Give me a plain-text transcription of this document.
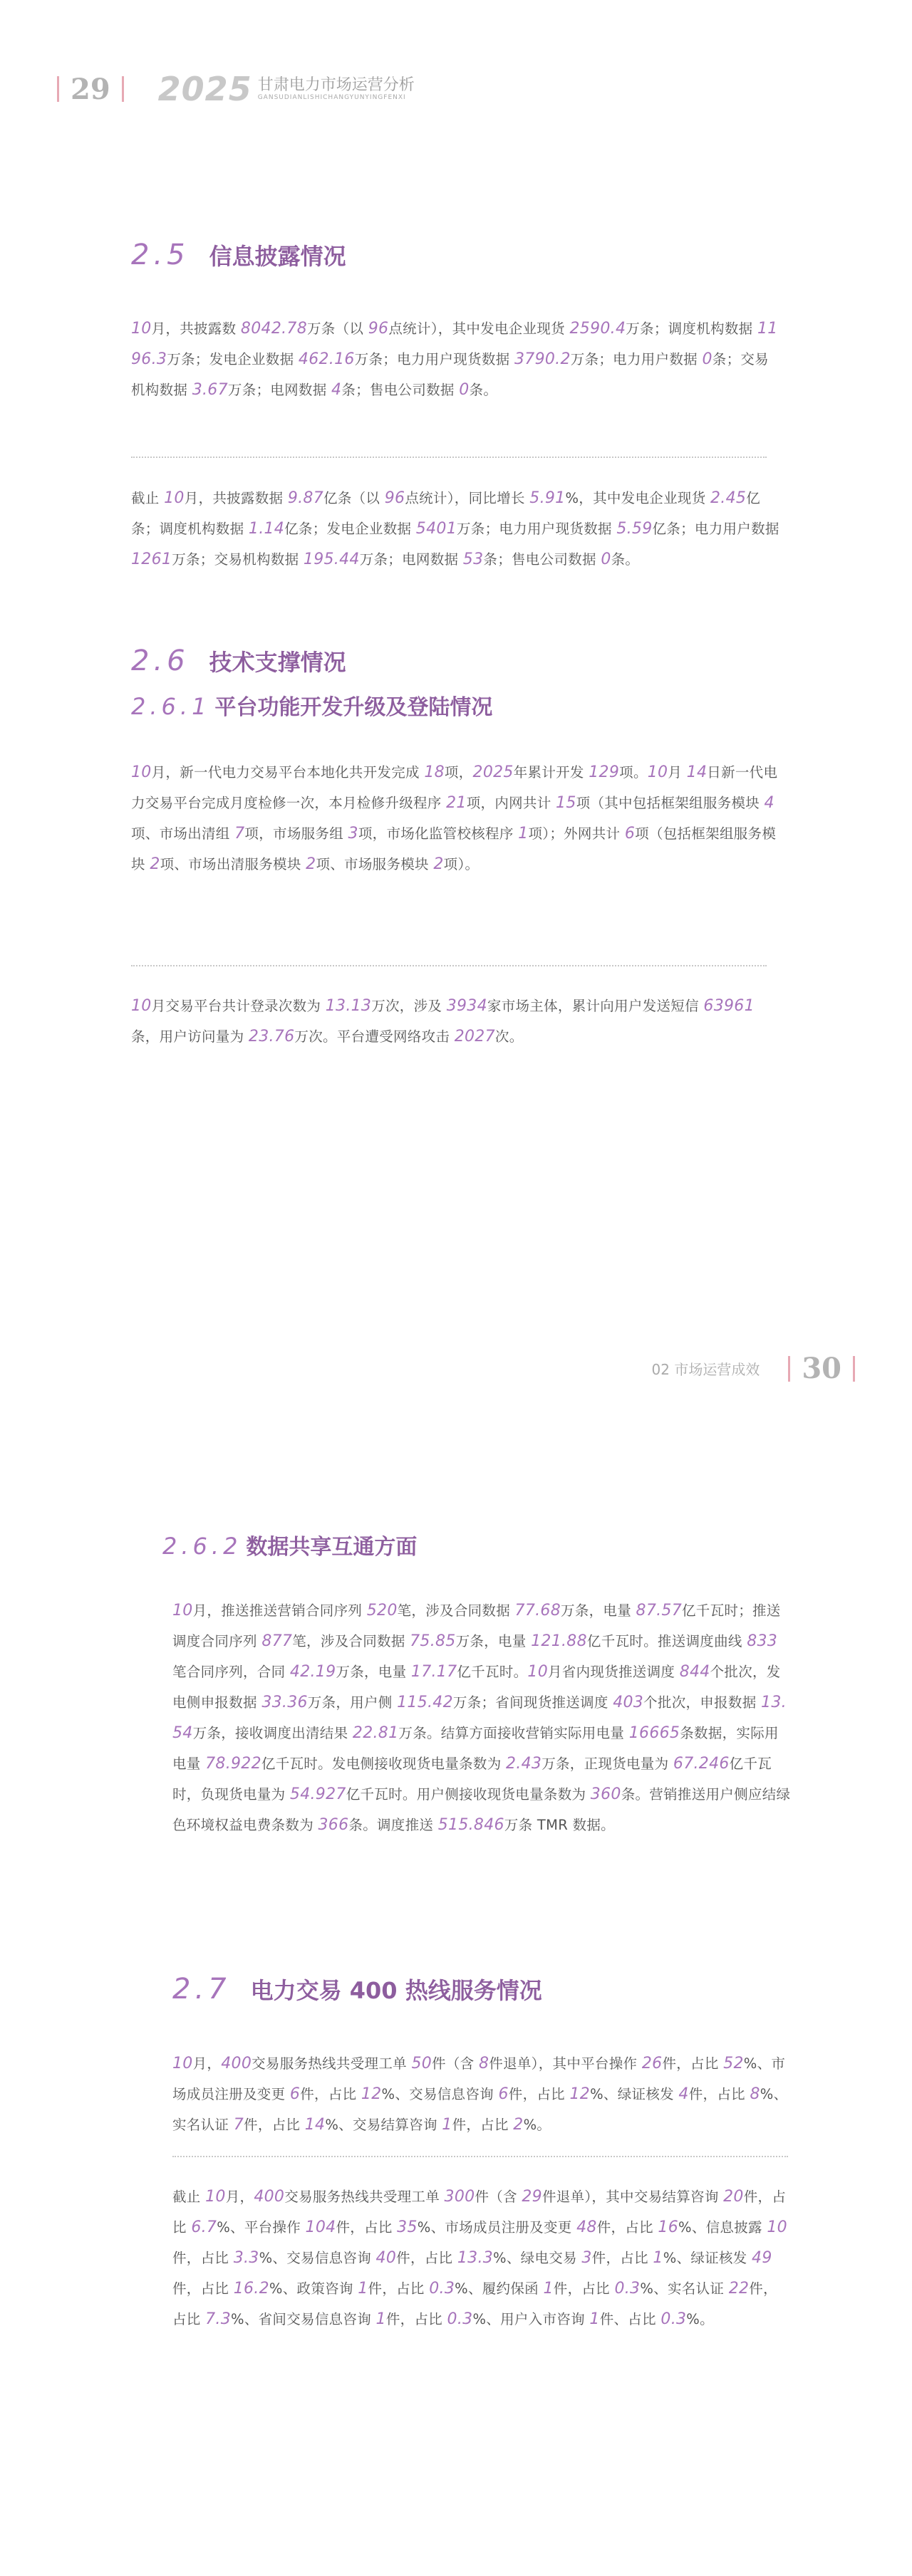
29 2025 甘肃电力市场运营分析
GANSUDIANLISHICHANGYUNYINGFENXI
2.5 信息披露情况
10月，共披露数 8042.78万条（以 96点统计），其中发电企业现货 2590.4万条；调度机构数据 1196.3万条；发电企业数据 462.16万条；电力用户现货数据 3790.2万条；电力用户数据 0条；交易机构数据 3.67万条；电网数据 4条；售电公司数据 0条。
截止 10月，共披露数据 9.87亿条（以 96点统计），同比增长 5.91%，其中发电企业现货 2.45亿条；调度机构数据 1.14亿条；发电企业数据 5401万条；电力用户现货数据 5.59亿条；电力用户数据 1261万条；交易机构数据 195.44万条；电网数据 53条；售电公司数据 0条。
2.6 技术支撑情况
2.6.1 平台功能开发升级及登陆情况
10月，新一代电力交易平台本地化共开发完成 18项，2025年累计开发 129项。10月 14日新一代电力交易平台完成月度检修一次，本月检修升级程序 21项，内网共计 15项（其中包括框架组服务模块 4项、市场出清组 7项，市场服务组 3项，市场化监管校核程序 1项）；外网共计 6项（包括框架组服务模块 2项、市场出清服务模块 2项、市场服务模块 2项）。
10月交易平台共计登录次数为 13.13万次，涉及 3934家市场主体，累计向用户发送短信 63961条，用户访问量为 23.76万次。平台遭受网络攻击 2027次。
02 市场运营成效 30
2.6.2 数据共享互通方面
10月，推送推送营销合同序列 520笔，涉及合同数据 77.68万条，电量 87.57亿千瓦时；推送调度合同序列 877笔，涉及合同数据 75.85万条，电量 121.88亿千瓦时。推送调度曲线 833笔合同序列，合同 42.19万条，电量 17.17亿千瓦时。10月省内现货推送调度 844个批次，发电侧申报数据 33.36万条，用户侧 115.42万条；省间现货推送调度 403个批次，申报数据 13.54万条，接收调度出清结果 22.81万条。结算方面接收营销实际用电量 16665条数据，实际用电量 78.922亿千瓦时。发电侧接收现货电量条数为 2.43万条，正现货电量为 67.246亿千瓦时，负现货电量为 54.927亿千瓦时。用户侧接收现货电量条数为 360条。营销推送用户侧应结绿色环境权益电费条数为 366条。调度推送 515.846万条 TMR 数据。
2.7 电力交易 400 热线服务情况
10月，400交易服务热线共受理工单 50件（含 8件退单），其中平台操作 26件，占比 52%、市场成员注册及变更 6件，占比 12%、交易信息咨询 6件，占比 12%、绿证核发 4件，占比 8%、实名认证 7件，占比 14%、交易结算咨询 1件，占比 2%。
截止 10月，400交易服务热线共受理工单 300件（含 29件退单），其中交易结算咨询 20件，占比 6.7%、平台操作 104件，占比 35%、市场成员注册及变更 48件，占比 16%、信息披露 10件，占比 3.3%、交易信息咨询 40件，占比 13.3%、绿电交易 3件，占比 1%、绿证核发 49件，占比 16.2%、政策咨询 1件，占比 0.3%、履约保函 1件，占比 0.3%、实名认证 22件，占比 7.3%、省间交易信息咨询 1件，占比 0.3%、用户入市咨询 1件、占比 0.3%。
